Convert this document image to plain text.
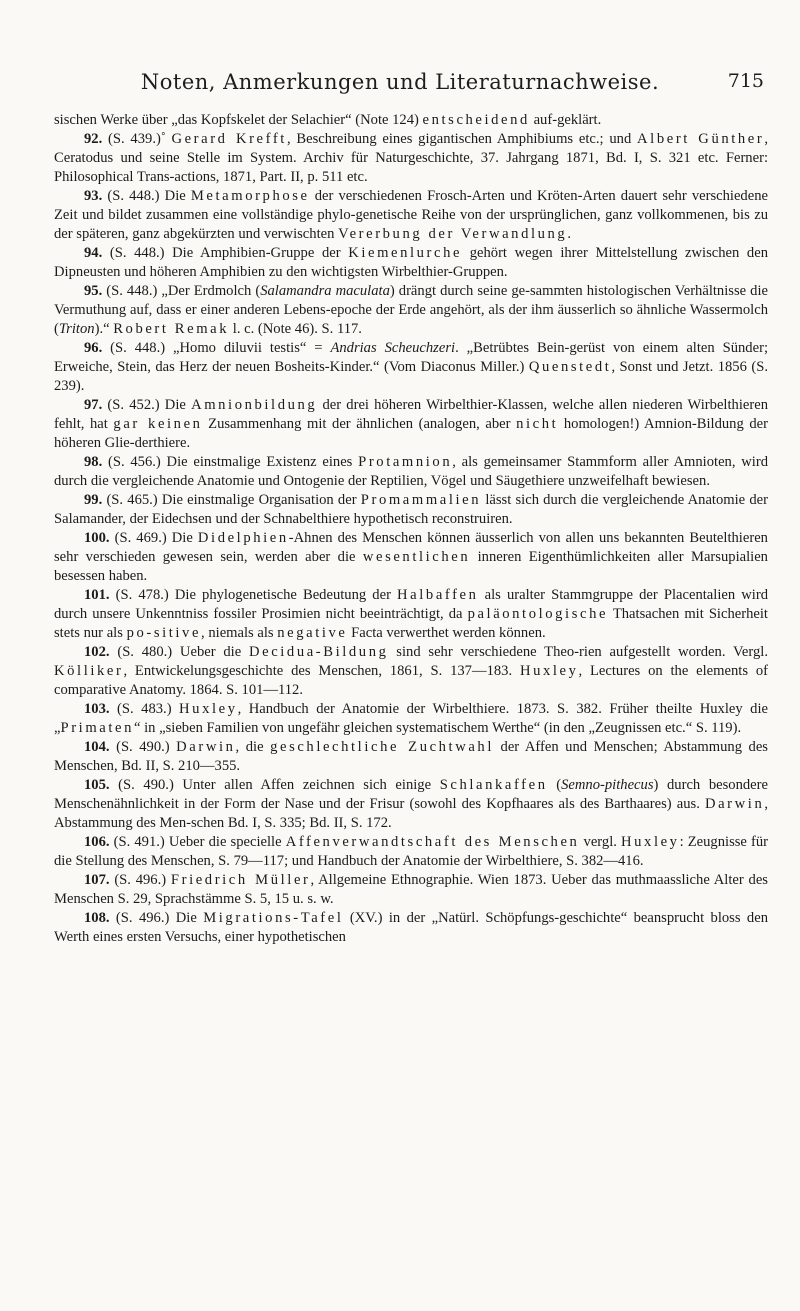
Noten, Anmerkungen und Literaturnachweise.	715

sischen Werke über „das Kopfskelet der Selachier“ (Note 124) entscheidend auf-geklärt.

92. (S. 439.)˚ Gerard Krefft, Beschreibung eines gigantischen Amphibiums etc.; und Albert Günther, Ceratodus und seine Stelle im System. Archiv für Naturgeschichte, 37. Jahrgang 1871, Bd. I, S. 321 etc. Ferner: Philosophical Trans-actions, 1871, Part. II, p. 511 etc.

93. (S. 448.) Die Metamorphose der verschiedenen Frosch-Arten und Kröten-Arten dauert sehr verschiedene Zeit und bildet zusammen eine vollständige phylo-genetische Reihe von der ursprünglichen, ganz vollkommenen, bis zu der späteren, ganz abgekürzten und verwischten Vererbung der Verwandlung.

94. (S. 448.) Die Amphibien-Gruppe der Kiemenlurche gehört wegen ihrer Mittelstellung zwischen den Dipneusten und höheren Amphibien zu den wichtigsten Wirbelthier-Gruppen.

95. (S. 448.) „Der Erdmolch (Salamandra maculata) drängt durch seine ge-sammten histologischen Verhältnisse die Vermuthung auf, dass er einer anderen Lebens-epoche der Erde angehört, als der ihm äusserlich so ähnliche Wassermolch (Triton).“ Robert Remak l. c. (Note 46). S. 117.

96. (S. 448.) „Homo diluvii testis“ = Andrias Scheuchzeri. „Betrübtes Bein-gerüst von einem alten Sünder; Erweiche, Stein, das Herz der neuen Bosheits-Kinder.“ (Vom Diaconus Miller.) Quenstedt, Sonst und Jetzt. 1856 (S. 239).

97. (S. 452.) Die Amnionbildung der drei höheren Wirbelthier-Klassen, welche allen niederen Wirbelthieren fehlt, hat gar keinen Zusammenhang mit der ähnlichen (analogen, aber nicht homologen!) Amnion-Bildung der höheren Glie-derthiere.

98. (S. 456.) Die einstmalige Existenz eines Protamnion, als gemeinsamer Stammform aller Amnioten, wird durch die vergleichende Anatomie und Ontogenie der Reptilien, Vögel und Säugethiere unzweifelhaft bewiesen.

99. (S. 465.) Die einstmalige Organisation der Promammalien lässt sich durch die vergleichende Anatomie der Salamander, der Eidechsen und der Schnabelthiere hypothetisch reconstruiren.

100. (S. 469.) Die Didelphien-Ahnen des Menschen können äusserlich von allen uns bekannten Beutelthieren sehr verschieden gewesen sein, werden aber die wesentlichen inneren Eigenthümlichkeiten aller Marsupialien besessen haben.

101. (S. 478.) Die phylogenetische Bedeutung der Halbaffen als uralter Stammgruppe der Placentalien wird durch unsere Unkenntniss fossiler Prosimien nicht beeinträchtigt, da paläontologische Thatsachen mit Sicherheit stets nur als po-sitive, niemals als negative Facta verwerthet werden können.

102. (S. 480.) Ueber die Decidua-Bildung sind sehr verschiedene Theo-rien aufgestellt worden. Vergl. Kölliker, Entwickelungsgeschichte des Menschen, 1861, S. 137—183. Huxley, Lectures on the elements of comparative Anatomy. 1864. S. 101—112.

103. (S. 483.) Huxley, Handbuch der Anatomie der Wirbelthiere. 1873. S. 382. Früher theilte Huxley die „Primaten“ in „sieben Familien von ungefähr gleichen systematischem Werthe“ (in den „Zeugnissen etc.“ S. 119).

104. (S. 490.) Darwin, die geschlechtliche Zuchtwahl der Affen und Menschen; Abstammung des Menschen, Bd. II, S. 210—355.

105. (S. 490.) Unter allen Affen zeichnen sich einige Schlankaffen (Semno-pithecus) durch besondere Menschenähnlichkeit in der Form der Nase und der Frisur (sowohl des Kopfhaares als des Barthaares) aus. Darwin, Abstammung des Men-schen Bd. I, S. 335; Bd. II, S. 172.

106. (S. 491.) Ueber die specielle Affenverwandtschaft des Menschen vergl. Huxley: Zeugnisse für die Stellung des Menschen, S. 79—117; und Handbuch der Anatomie der Wirbelthiere, S. 382—416.

107. (S. 496.) Friedrich Müller, Allgemeine Ethnographie. Wien 1873. Ueber das muthmaassliche Alter des Menschen S. 29, Sprachstämme S. 5, 15 u. s. w.

108. (S. 496.) Die Migrations-Tafel (XV.) in der „Natürl. Schöpfungs-geschichte“ beansprucht bloss den Werth eines ersten Versuchs, einer hypothetischen
